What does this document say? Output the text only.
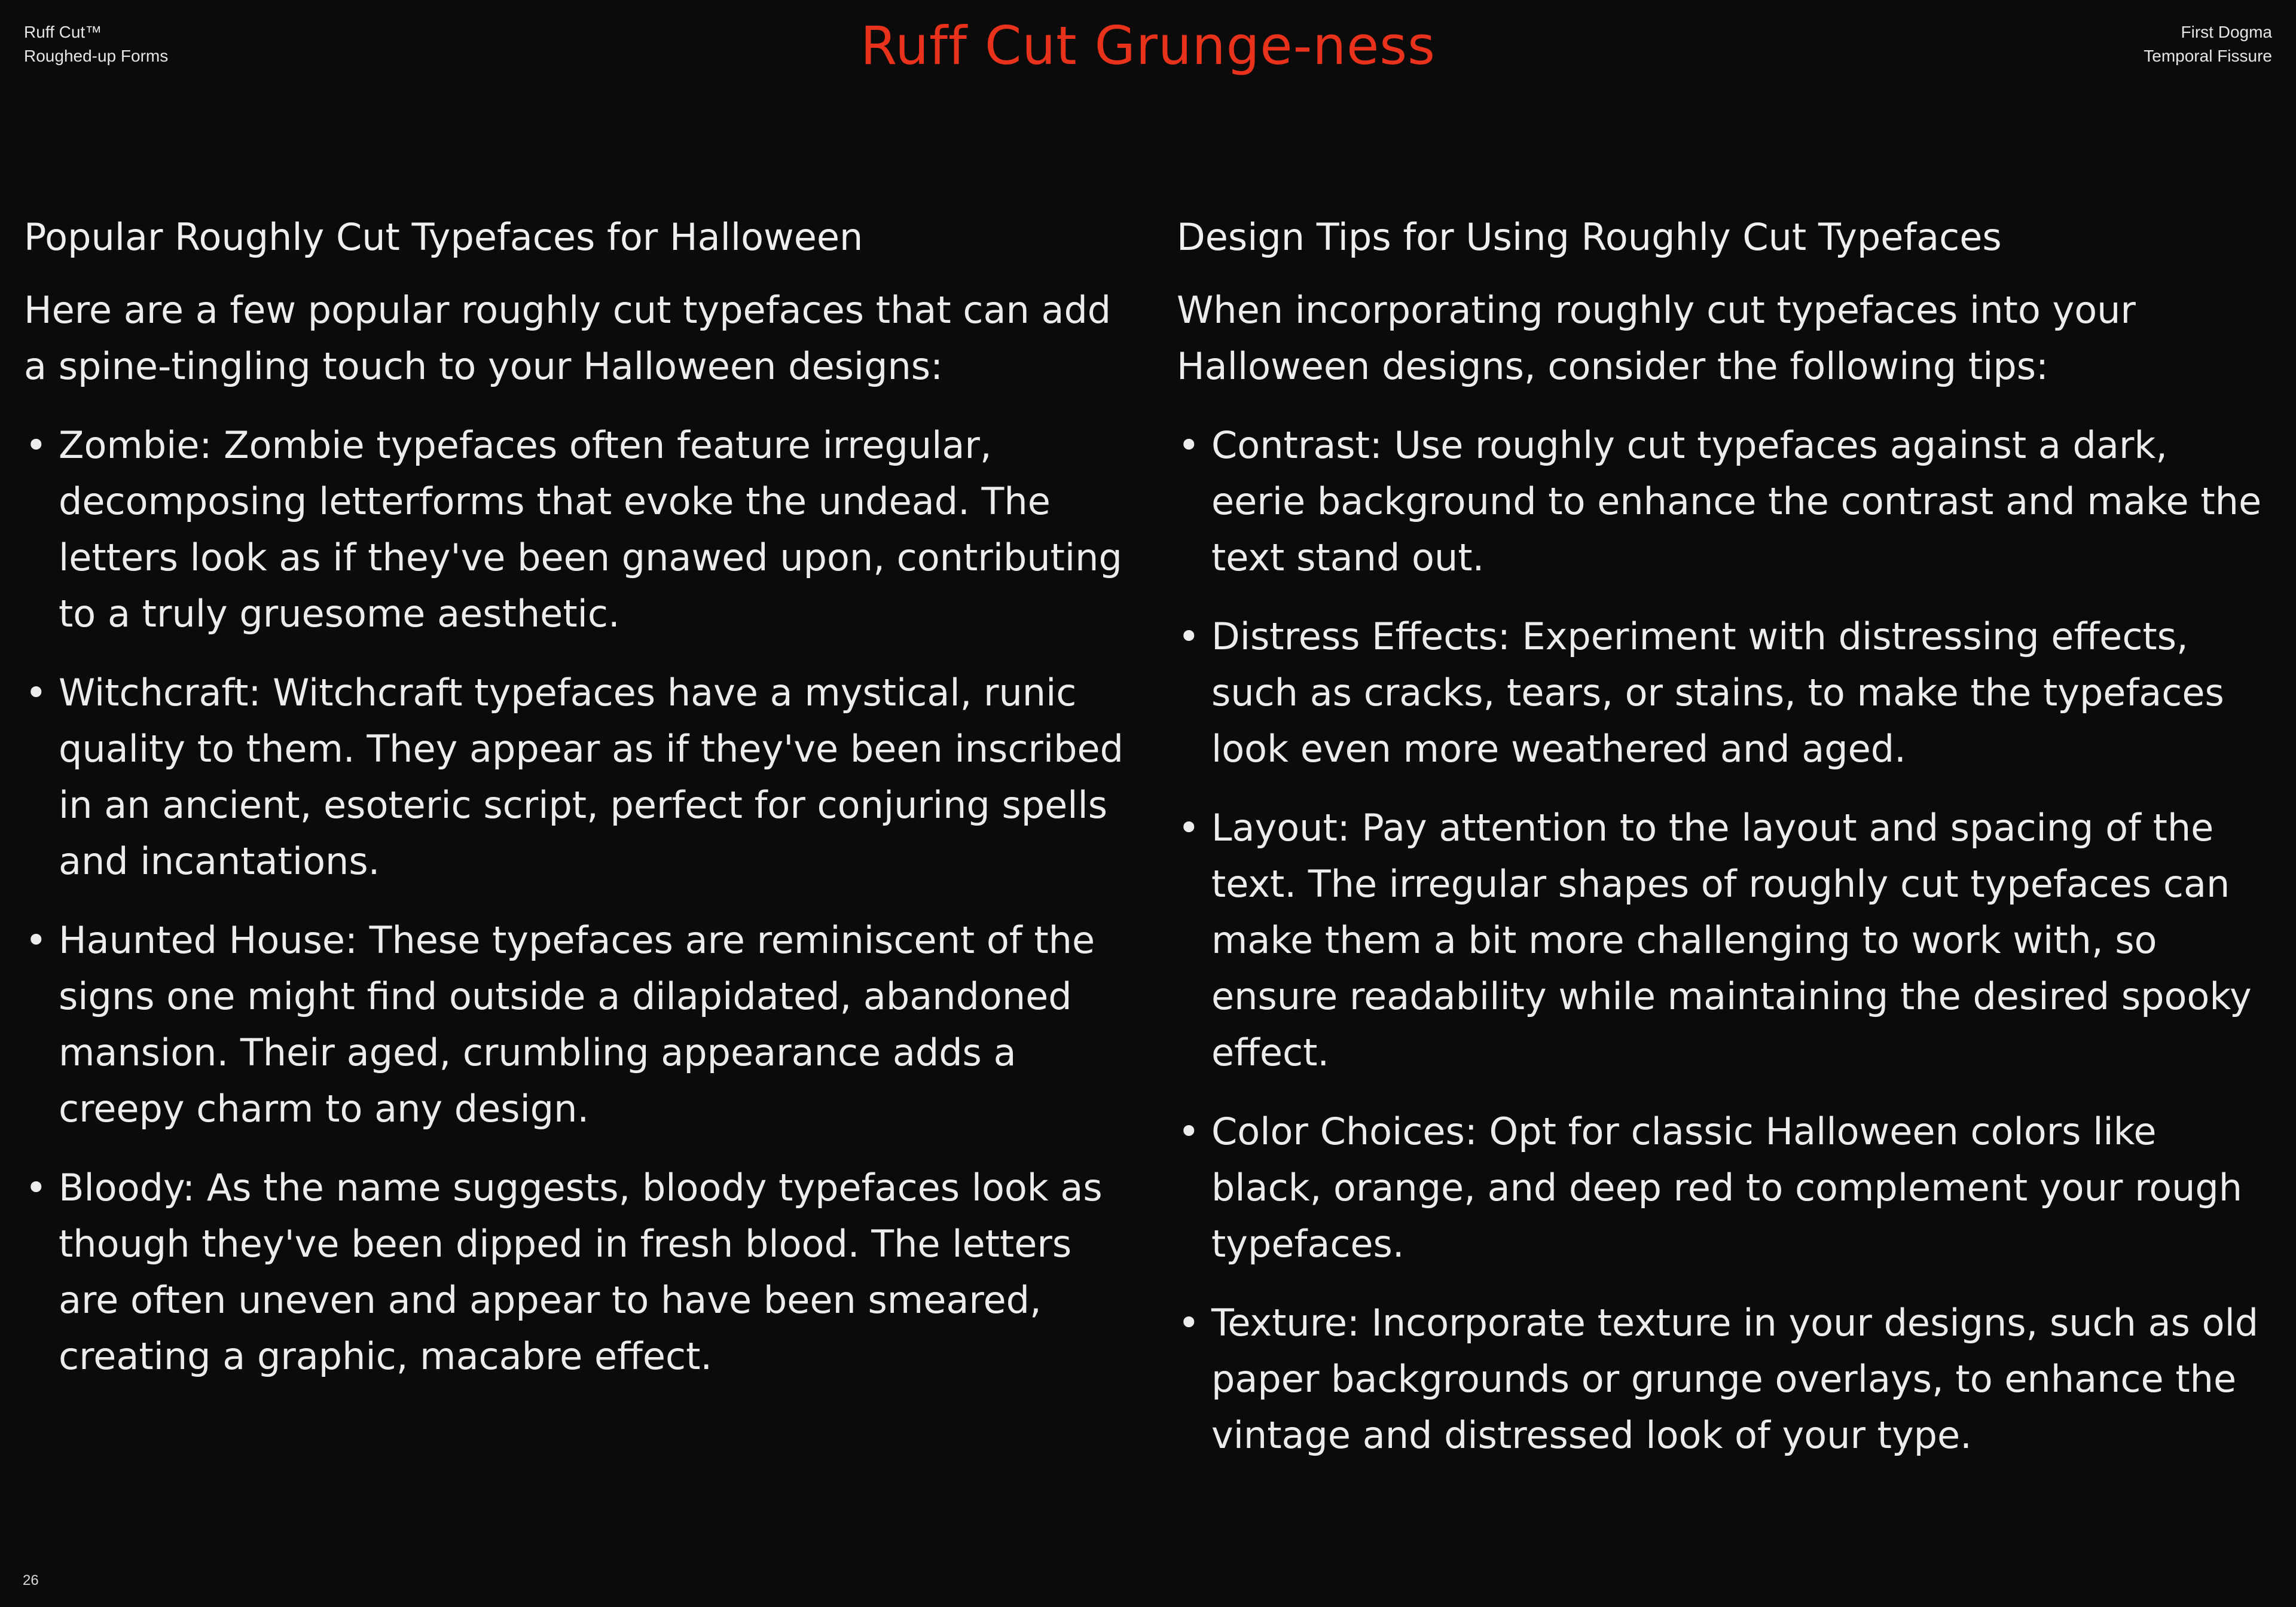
Ruff Cut™
Roughed-up Forms	Ruff Cut Grunge-ness	First Dogma
Temporal Fissure
Popular Roughly Cut Typefaces for Halloween

Here are a few popular roughly cut typefaces that can add a spine-tingling touch to your Halloween designs:

• Zombie: Zombie typefaces often feature irregular, decomposing letterforms that evoke the undead. The letters look as if they've been gnawed upon, contributing to a truly gruesome aesthetic.
• Witchcraft: Witchcraft typefaces have a mystical, runic quality to them. They appear as if they've been inscribed in an ancient, esoteric script, perfect for conjuring spells and incantations.
• Haunted House: These typefaces are reminiscent of the signs one might find outside a dilapidated, abandoned mansion. Their aged, crumbling appearance adds a creepy charm to any design.
• Bloody: As the name suggests, bloody typefaces look as though they've been dipped in fresh blood. The letters are often uneven and appear to have been smeared, creating a graphic, macabre effect.
Design Tips for Using Roughly Cut Typefaces

When incorporating roughly cut typefaces into your Halloween designs, consider the following tips:

• Contrast: Use roughly cut typefaces against a dark, eerie background to enhance the contrast and make the text stand out.
• Distress Effects: Experiment with distressing effects, such as cracks, tears, or stains, to make the typefaces look even more weathered and aged.
• Layout: Pay attention to the layout and spacing of the text. The irregular shapes of roughly cut typefaces can make them a bit more challenging to work with, so ensure readability while maintaining the desired spooky effect.
• Color Choices: Opt for classic Halloween colors like black, orange, and deep red to complement your rough typefaces.
• Texture: Incorporate texture in your designs, such as old paper backgrounds or grunge overlays, to enhance the vintage and distressed look of your type.
26
